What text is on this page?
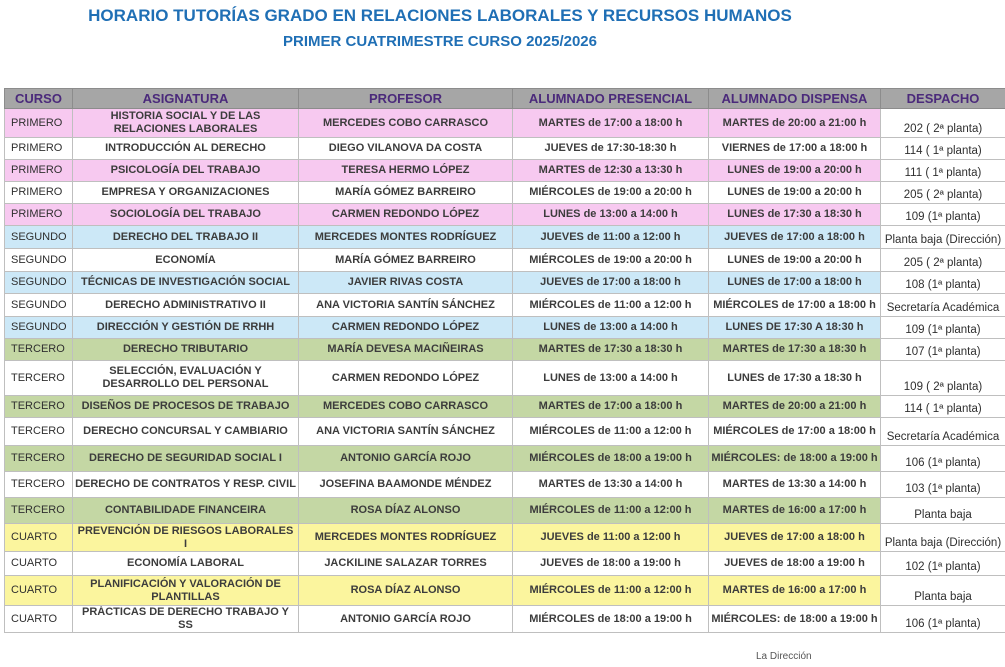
HORARIO TUTORÍAS GRADO EN RELACIONES LABORALES Y RECURSOS HUMANOS
PRIMER CUATRIMESTRE CURSO 2025/2026
CURSO	ASIGNATURA	PROFESOR	ALUMNADO PRESENCIAL	ALUMNADO DISPENSA	DESPACHO
PRIMERO	HISTORIA SOCIAL Y DE LAS RELACIONES LABORALES	MERCEDES COBO CARRASCO	MARTES de 17:00 a 18:00 h	MARTES de 20:00 a 21:00 h	202 ( 2ª planta)
PRIMERO	INTRODUCCIÓN AL DERECHO	DIEGO VILANOVA DA COSTA	JUEVES de 17:30-18:30 h	VIERNES de 17:00 a 18:00 h	114 ( 1ª planta)
PRIMERO	PSICOLOGÍA DEL TRABAJO	TERESA HERMO LÓPEZ	MARTES de 12:30 a 13:30 h	LUNES de 19:00 a 20:00 h	111 ( 1ª planta)
PRIMERO	EMPRESA Y ORGANIZACIONES	MARÍA GÓMEZ BARREIRO	MIÉRCOLES de 19:00 a 20:00 h	LUNES de 19:00 a 20:00 h	205 ( 2ª planta)
PRIMERO	SOCIOLOGÍA DEL TRABAJO	CARMEN REDONDO LÓPEZ	LUNES de 13:00 a 14:00 h	LUNES de 17:30 a 18:30 h	109 (1ª planta)
SEGUNDO	DERECHO DEL TRABAJO II	MERCEDES MONTES RODRÍGUEZ	JUEVES de 11:00 a 12:00 h	JUEVES de 17:00 a 18:00 h	Planta baja (Dirección)
SEGUNDO	ECONOMÍA	MARÍA GÓMEZ BARREIRO	MIÉRCOLES de 19:00 a 20:00 h	LUNES de 19:00 a 20:00 h	205 ( 2ª planta)
SEGUNDO	TÉCNICAS DE INVESTIGACIÓN SOCIAL	JAVIER RIVAS COSTA	JUEVES de 17:00 a 18:00 h	LUNES de 17:00 a 18:00 h	108 (1ª planta)
SEGUNDO	DERECHO ADMINISTRATIVO II	ANA VICTORIA SANTÍN SÁNCHEZ	MIÉRCOLES de 11:00 a 12:00 h	MIÉRCOLES de 17:00 a 18:00 h	Secretaría Académica
SEGUNDO	DIRECCIÓN Y GESTIÓN DE RRHH	CARMEN REDONDO LÓPEZ	LUNES de 13:00 a 14:00 h	LUNES DE 17:30 A 18:30 h	109 (1ª planta)
TERCERO	DERECHO TRIBUTARIO	MARÍA DEVESA MACIÑEIRAS	MARTES de 17:30 a 18:30 h	MARTES de 17:30 a 18:30 h	107 (1ª planta)
TERCERO	SELECCIÓN, EVALUACIÓN Y DESARROLLO DEL PERSONAL	CARMEN REDONDO LÓPEZ	LUNES de 13:00 a 14:00 h	LUNES de 17:30 a 18:30 h	109 ( 2ª planta)
TERCERO	DISEÑOS DE PROCESOS DE TRABAJO	MERCEDES COBO CARRASCO	MARTES de 17:00 a 18:00 h	MARTES de 20:00 a 21:00 h	114 ( 1ª planta)
TERCERO	DERECHO CONCURSAL Y CAMBIARIO	ANA VICTORIA SANTÍN SÁNCHEZ	MIÉRCOLES de 11:00 a 12:00 h	MIÉRCOLES de 17:00 a 18:00 h	Secretaría Académica
TERCERO	DERECHO DE SEGURIDAD SOCIAL I	ANTONIO GARCÍA ROJO	MIÉRCOLES de 18:00 a 19:00 h	MIÉRCOLES: de 18:00 a 19:00 h	106 (1ª planta)
TERCERO	DERECHO DE CONTRATOS Y RESP. CIVIL	JOSEFINA BAAMONDE MÉNDEZ	MARTES de 13:30 a 14:00 h	MARTES de 13:30 a 14:00 h	103 (1ª planta)
TERCERO	CONTABILIDADE FINANCEIRA	ROSA DÍAZ ALONSO	MIÉRCOLES de 11:00 a 12:00 h	MARTES de 16:00 a 17:00 h	Planta baja
CUARTO	PREVENCIÓN DE RIESGOS LABORALES I	MERCEDES MONTES RODRÍGUEZ	JUEVES de 11:00 a 12:00 h	JUEVES de 17:00 a 18:00 h	Planta baja (Dirección)
CUARTO	ECONOMÍA LABORAL	JACKILINE SALAZAR TORRES	JUEVES de 18:00 a 19:00 h	JUEVES de 18:00 a 19:00 h	102 (1ª planta)
CUARTO	PLANIFICACIÓN Y VALORACIÓN DE PLANTILLAS	ROSA DÍAZ ALONSO	MIÉRCOLES de 11:00 a 12:00 h	MARTES de 16:00 a 17:00 h	Planta baja
CUARTO	PRÁCTICAS DE DERECHO TRABAJO Y SS	ANTONIO GARCÍA ROJO	MIÉRCOLES de 18:00 a 19:00 h	MIÉRCOLES: de 18:00 a 19:00 h	106 (1ª planta)
La Dirección
